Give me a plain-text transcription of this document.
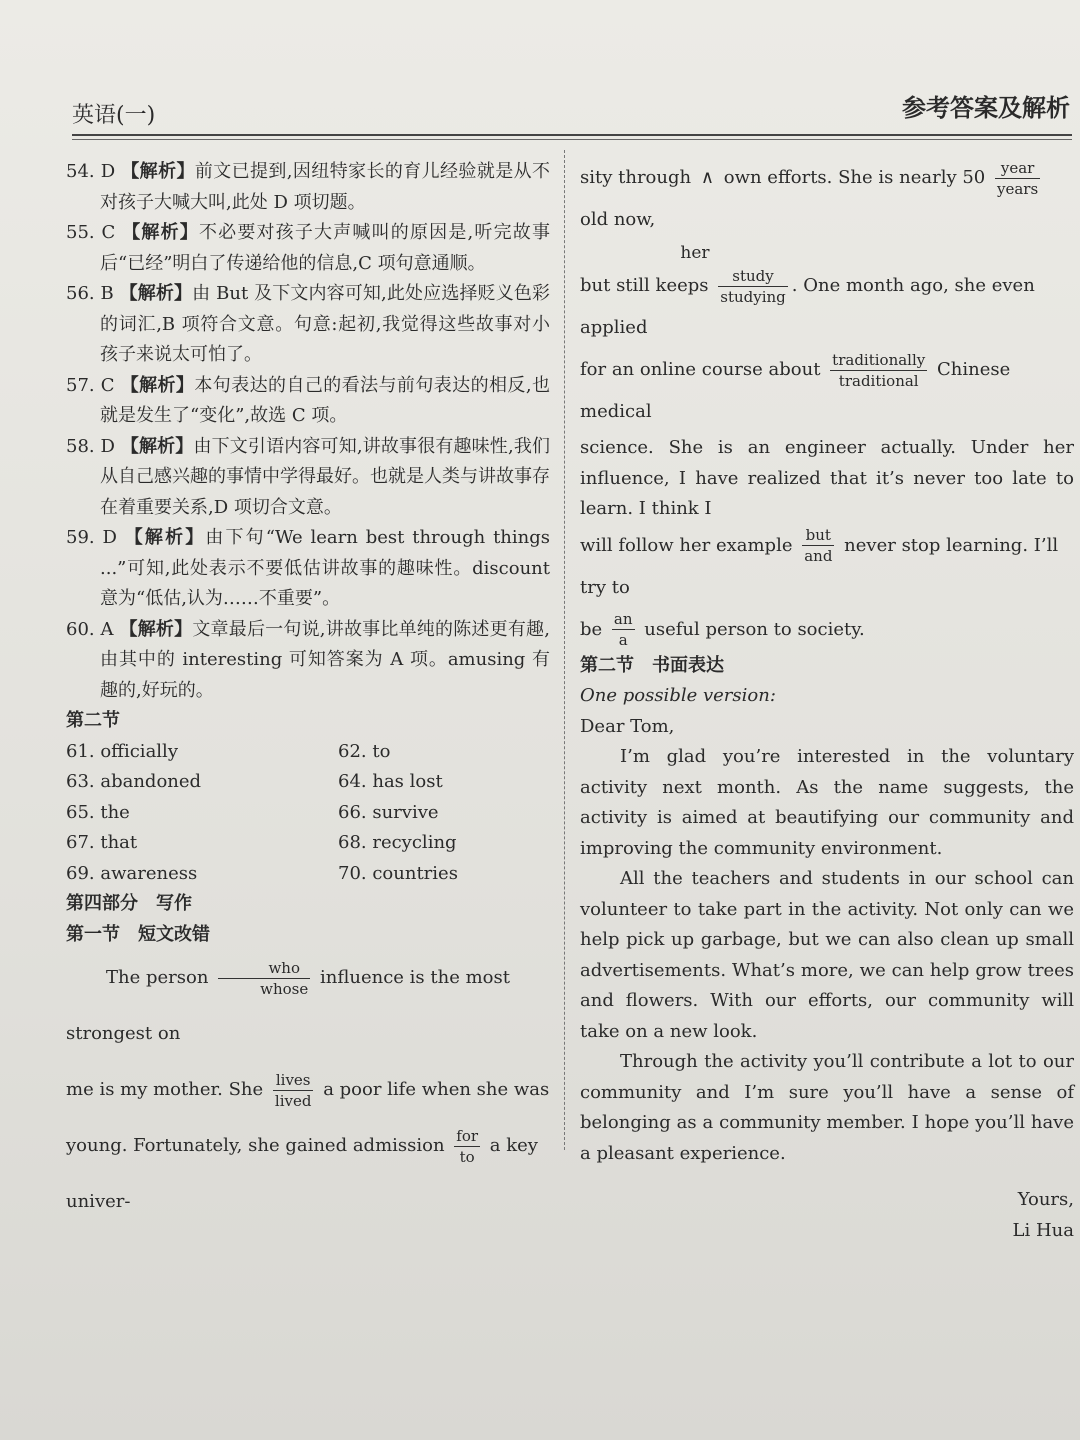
英语(一)	参考答案及解析

54. D 【解析】前文已提到,因纽特家长的育儿经验就是从不对孩子大喊大叫,此处 D 项切题。

55. C 【解析】不必要对孩子大声喊叫的原因是,听完故事后“已经”明白了传递给他的信息,C 项句意通顺。

56. B 【解析】由 But 及下文内容可知,此处应选择贬义色彩的词汇,B 项符合文意。句意:起初,我觉得这些故事对小孩子来说太可怕了。

57. C 【解析】本句表达的自己的看法与前句表达的相反,也就是发生了“变化”,故选 C 项。

58. D 【解析】由下文引语内容可知,讲故事很有趣味性,我们从自己感兴趣的事情中学得最好。也就是人类与讲故事存在着重要关系,D 项切合文意。

59. D 【解析】由下句“We learn best through things ...”可知,此处表示不要低估讲故事的趣味性。discount 意为“低估,认为……不重要”。

60. A 【解析】文章最后一句说,讲故事比单纯的陈述更有趣,由其中的 interesting 可知答案为 A 项。amusing 有趣的,好玩的。

第二节

61. officially	62. to
63. abandoned	64. has lost
65. the	66. survive
67. that	68. recycling
69. awareness	70. countries

第四部分　写作

第一节　短文改错

The person $\frac{\text{who}}{\text{whose}}$ influence is the most strongest on

me is my mother. She $\frac{\text{lives}}{\text{lived}}$ a poor life when she was

young. Fortunately, she gained admission $\frac{\text{for}}{to}$ a key univer-

sity through ∧ own efforts. She is nearly $50 \frac{\text{year}}{\text{years}}$
old now,

her

but still keeps $\frac{\text{study}}{\text{studying}}$ . One month ago, she even applied

for an online course about $\frac{\text{traditionally}}{\text{traditional}}$ Chinese medical

science. She is an engineer actually. Under her influence, I have realized that it’s never too late to learn. I think I

will follow her example $\frac{\text{but}}{\text{and}}$ never stop learning. I’ll try to

be $\frac{an}{a}$ useful person to society.

第二节　书面表达

One possible version:

Dear Tom,

I’m glad you’re interested in the voluntary activity next month. As the name suggests, the activity is aimed at beautifying our community and improving the community environment.

All the teachers and students in our school can volunteer to take part in the activity. Not only can we help pick up garbage, but we can also clean up small advertisements. What’s more, we can help grow trees and flowers. With our efforts, our community will take on a new look.

Through the activity you’ll contribute a lot to our community and I’m sure you’ll have a sense of belonging as a community member. I hope you’ll have a pleasant experience.

Yours,

Li Hua
